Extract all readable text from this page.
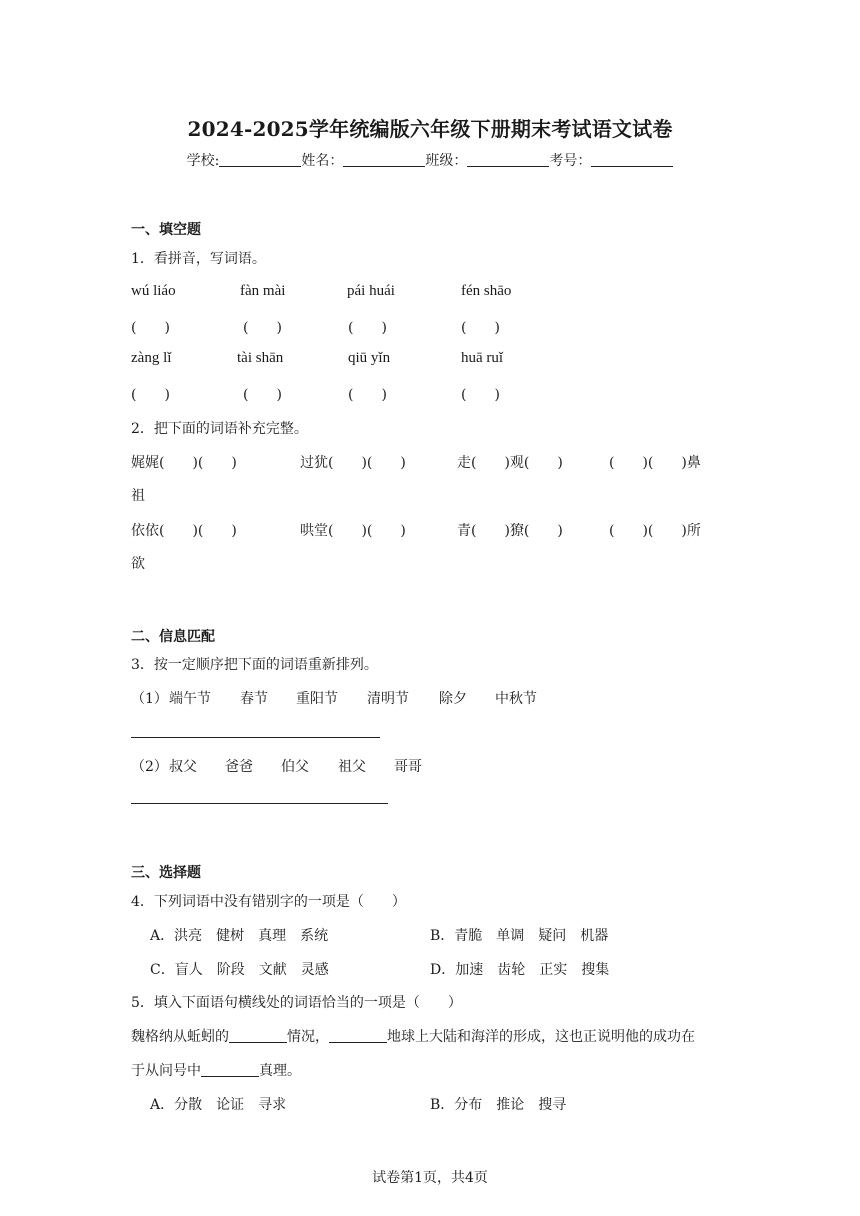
2024-2025学年统编版六年级下册期末考试语文试卷
学校:	姓名：	班级：	考号：
一、填空题
1．看拼音，写词语。
wú liáo	fàn mài	pái huái	fén shāo
(　　)	(　　)	(　　)	(　　)
zàng lǐ	tài shān	qiū yǐn	huā ruǐ
(　　)	(　　)	(　　)	(　　)
2．把下面的词语补充完整。
娓娓(　　)(　　)	过犹(　　)(　　)	走(　　)观(　　)	(　　)(　　)鼻
祖
依依(　　)(　　)	哄堂(　　)(　　)	青(　　)獠(　　)	(　　)(　　)所
欲
二、信息匹配
3．按一定顺序把下面的词语重新排列。
（1） 端午节 春节 重阳节 清明节 除夕 中秋节
（2） 叔父 爸爸 伯父 祖父 哥哥
三、选择题
4．下列词语中没有错别字的一项是（　　）
A．洪亮　健树　真理　系统	B．青脆　单调　疑问　机器
C．盲人　阶段　文献　灵感	D．加速　齿轮　正实　搜集
5．填入下面语句横线处的词语恰当的一项是（　　）
魏格纳从蚯蚓的	情况，	地球上大陆和海洋的形成，这也正说明他的成功在
于从问号中	真理。
A．分散　论证　寻求	B．分布　推论　搜寻
试卷第1页，共4页
